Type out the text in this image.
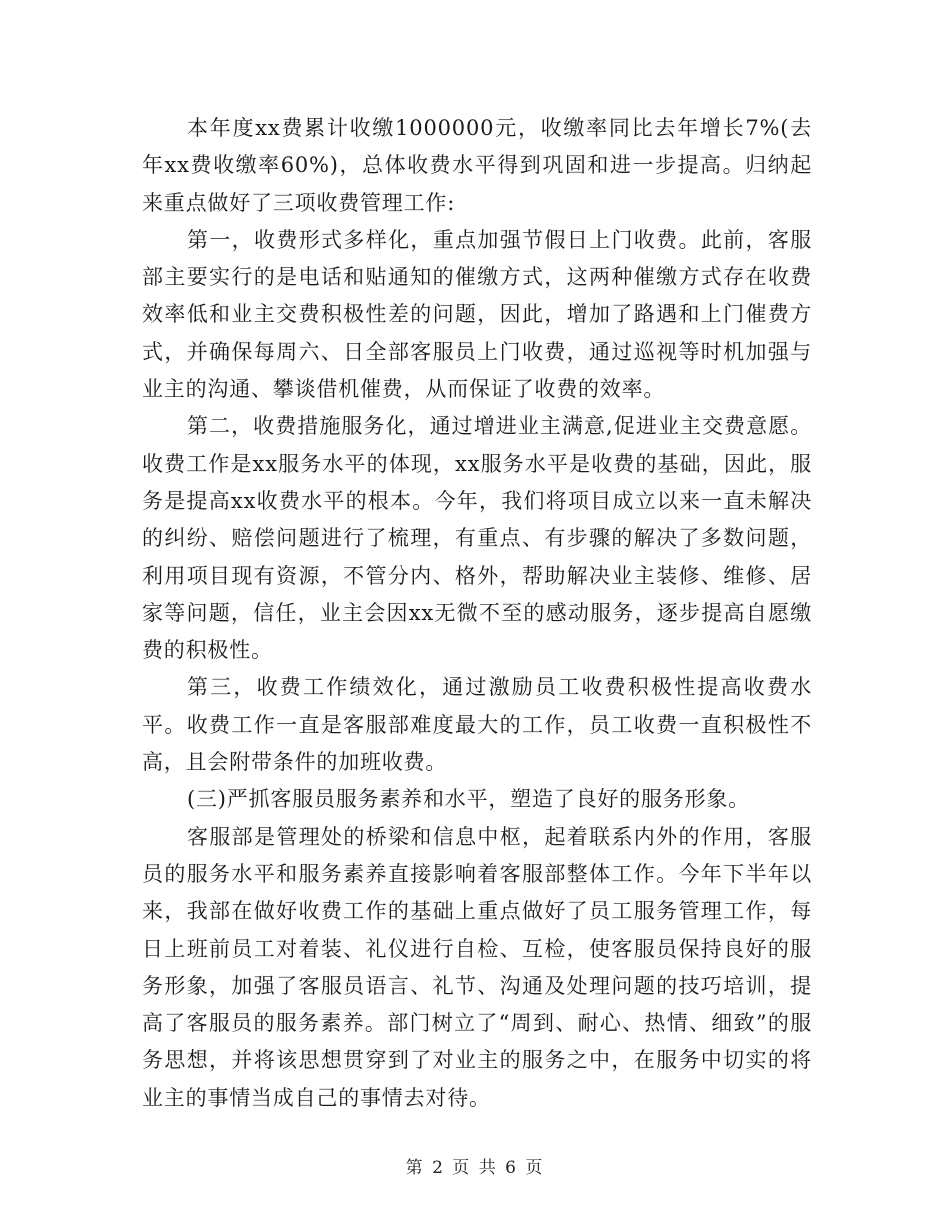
本年度xx费累计收缴1000000元，收缴率同比去年增长7%(去年xx费收缴率60%)，总体收费水平得到巩固和进一步提高。归纳起来重点做好了三项收费管理工作:

第一，收费形式多样化，重点加强节假日上门收费。此前，客服部主要实行的是电话和贴通知的催缴方式，这两种催缴方式存在收费效率低和业主交费积极性差的问题，因此，增加了路遇和上门催费方式，并确保每周六、日全部客服员上门收费，通过巡视等时机加强与业主的沟通、攀谈借机催费，从而保证了收费的效率。

第二，收费措施服务化，通过增进业主满意,促进业主交费意愿。收费工作是xx服务水平的体现，xx服务水平是收费的基础，因此，服务是提高xx收费水平的根本。今年，我们将项目成立以来一直未解决的纠纷、赔偿问题进行了梳理，有重点、有步骤的解决了多数问题，利用项目现有资源，不管分内、格外，帮助解决业主装修、维修、居家等问题，信任，业主会因xx无微不至的感动服务，逐步提高自愿缴费的积极性。

第三，收费工作绩效化，通过激励员工收费积极性提高收费水平。收费工作一直是客服部难度最大的工作，员工收费一直积极性不高，且会附带条件的加班收费。

(三)严抓客服员服务素养和水平，塑造了良好的服务形象。

客服部是管理处的桥梁和信息中枢，起着联系内外的作用，客服员的服务水平和服务素养直接影响着客服部整体工作。今年下半年以来，我部在做好收费工作的基础上重点做好了员工服务管理工作，每日上班前员工对着装、礼仪进行自检、互检，使客服员保持良好的服务形象，加强了客服员语言、礼节、沟通及处理问题的技巧培训，提高了客服员的服务素养。部门树立了“周到、耐心、热情、细致”的服务思想，并将该思想贯穿到了对业主的服务之中，在服务中切实的将业主的事情当成自己的事情去对待。

第 2 页 共 6 页
